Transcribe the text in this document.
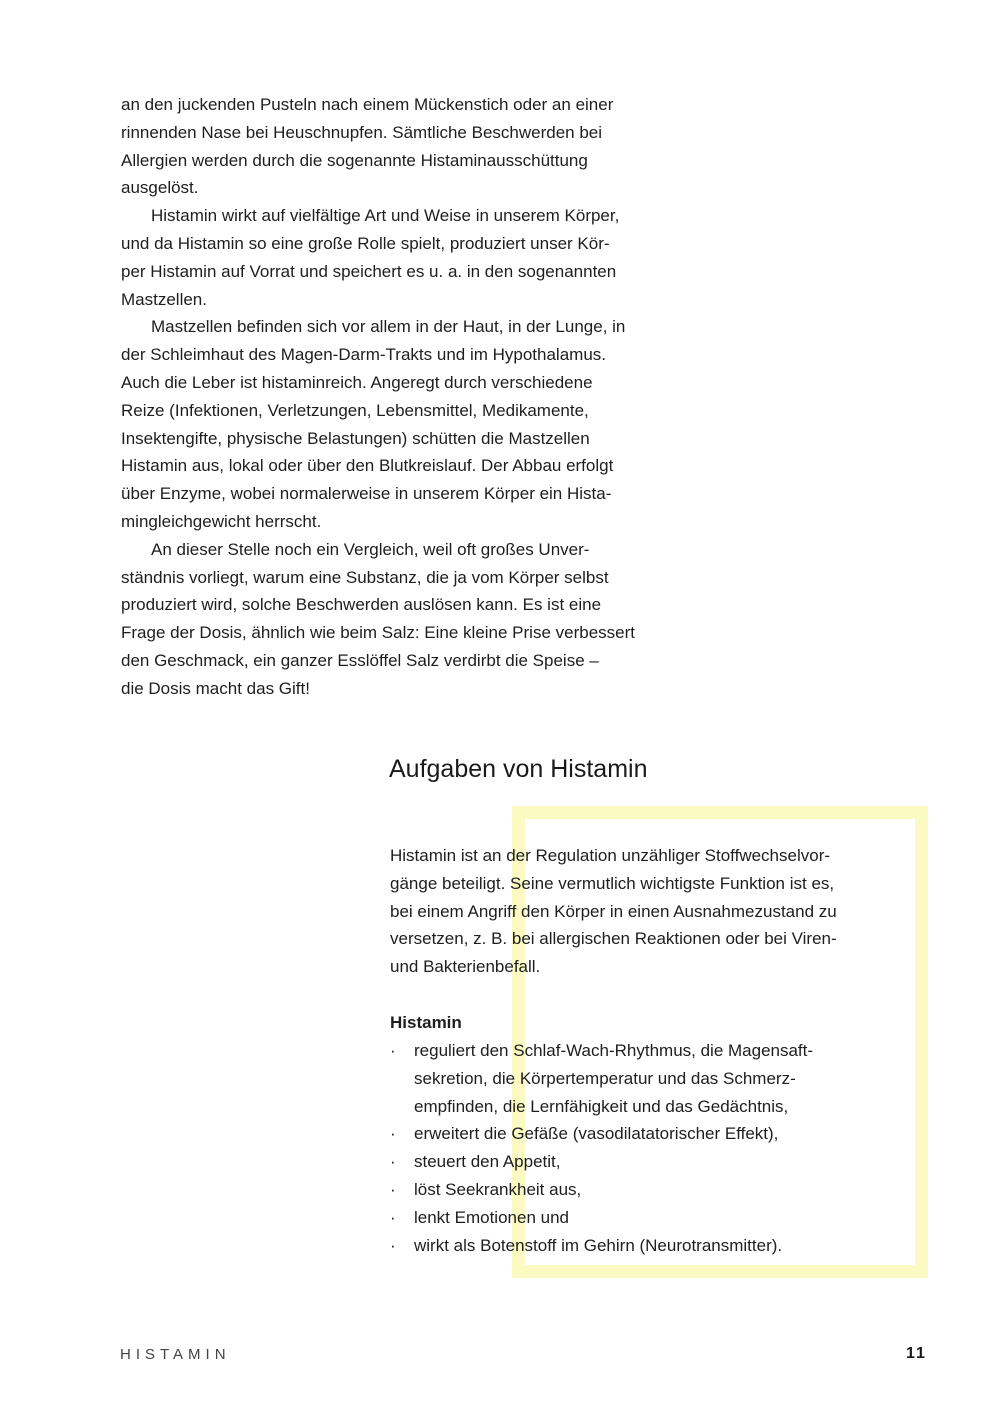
an den juckenden Pusteln nach einem Mückenstich oder an einer
rinnenden Nase bei Heuschnupfen. Sämtliche Beschwerden bei
Allergien werden durch die sogenannte Histaminausschüttung
ausgelöst.
Histamin wirkt auf vielfältige Art und Weise in unserem Körper,
und da Histamin so eine große Rolle spielt, produziert unser Kör-
per Histamin auf Vorrat und speichert es u. a. in den sogenannten
Mastzellen.
Mastzellen befinden sich vor allem in der Haut, in der Lunge, in
der Schleimhaut des Magen-Darm-Trakts und im Hypothalamus.
Auch die Leber ist histaminreich. Angeregt durch verschiedene
Reize (Infektionen, Verletzungen, Lebensmittel, Medikamente,
Insektengifte, physische Belastungen) schütten die Mastzellen
Histamin aus, lokal oder über den Blutkreislauf. Der Abbau erfolgt
über Enzyme, wobei normalerweise in unserem Körper ein Hista-
mingleichgewicht herrscht.
An dieser Stelle noch ein Vergleich, weil oft großes Unver-
ständnis vorliegt, warum eine Substanz, die ja vom Körper selbst
produziert wird, solche Beschwerden auslösen kann. Es ist eine
Frage der Dosis, ähnlich wie beim Salz: Eine kleine Prise verbessert
den Geschmack, ein ganzer Esslöffel Salz verdirbt die Speise –
die Dosis macht das Gift!
Aufgaben von Histamin
Histamin ist an der Regulation unzähliger Stoffwechselvor-
gänge beteiligt. Seine vermutlich wichtigste Funktion ist es,
bei einem Angriff den Körper in einen Ausnahmezustand zu
versetzen, z. B. bei allergischen Reaktionen oder bei Viren-
und Bakterienbefall.
Histamin
· reguliert den Schlaf-Wach-Rhythmus, die Magensaft-
sekretion, die Körpertemperatur und das Schmerz-
empfinden, die Lernfähigkeit und das Gedächtnis,
· erweitert die Gefäße (vasodilatatorischer Effekt),
· steuert den Appetit,
· löst Seekrankheit aus,
· lenkt Emotionen und
· wirkt als Botenstoff im Gehirn (Neurotransmitter).
HISTAMIN	11
